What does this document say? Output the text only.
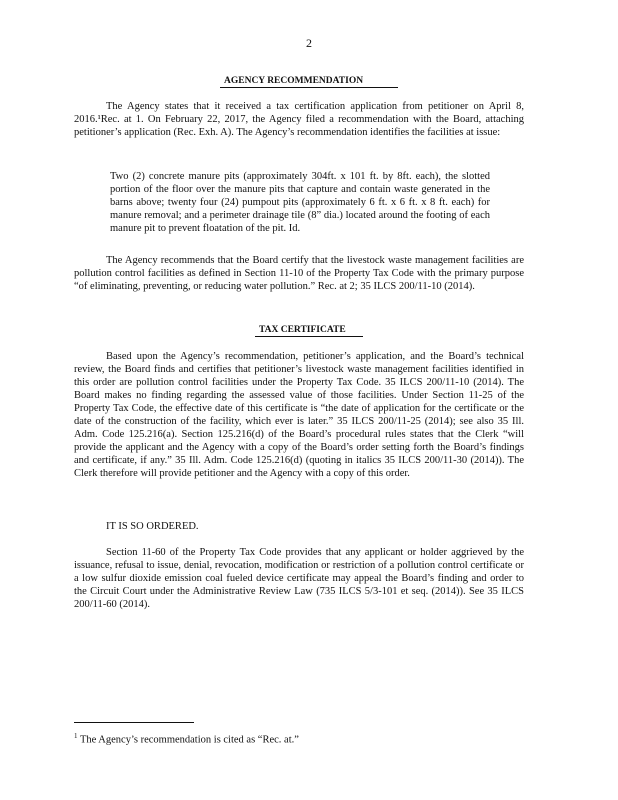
2
AGENCY RECOMMENDATION
The Agency states that it received a tax certification application from petitioner on April 8, 2016.¹Rec. at 1. On February 22, 2017, the Agency filed a recommendation with the Board, attaching petitioner’s application (Rec. Exh. A). The Agency’s recommendation identifies the facilities at issue:
Two (2) concrete manure pits (approximately 304ft. x 101 ft. by 8ft. each), the slotted portion of the floor over the manure pits that capture and contain waste generated in the barns above; twenty four (24) pumpout pits (approximately 6 ft. x 6 ft. x 8 ft. each) for manure removal; and a perimeter drainage tile (8” dia.) located around the footing of each manure pit to prevent floatation of the pit. Id.
The Agency recommends that the Board certify that the livestock waste management facilities are pollution control facilities as defined in Section 11-10 of the Property Tax Code with the primary purpose “of eliminating, preventing, or reducing water pollution.” Rec. at 2; 35 ILCS 200/11-10 (2014).
TAX CERTIFICATE
Based upon the Agency’s recommendation, petitioner’s application, and the Board’s technical review, the Board finds and certifies that petitioner’s livestock waste management facilities identified in this order are pollution control facilities under the Property Tax Code. 35 ILCS 200/11-10 (2014). The Board makes no finding regarding the assessed value of those facilities. Under Section 11-25 of the Property Tax Code, the effective date of this certificate is “the date of application for the certificate or the date of the construction of the facility, which ever is later.” 35 ILCS 200/11-25 (2014); see also 35 Ill. Adm. Code 125.216(a). Section 125.216(d) of the Board’s procedural rules states that the Clerk “will provide the applicant and the Agency with a copy of the Board’s order setting forth the Board’s findings and certificate, if any.” 35 Ill. Adm. Code 125.216(d) (quoting in italics 35 ILCS 200/11-30 (2014)). The Clerk therefore will provide petitioner and the Agency with a copy of this order.
IT IS SO ORDERED.
Section 11-60 of the Property Tax Code provides that any applicant or holder aggrieved by the issuance, refusal to issue, denial, revocation, modification or restriction of a pollution control certificate or a low sulfur dioxide emission coal fueled device certificate may appeal the Board’s finding and order to the Circuit Court under the Administrative Review Law (735 ILCS 5/3-101 et seq. (2014)). See 35 ILCS 200/11-60 (2014).
$^1$ The Agency’s recommendation is cited as “Rec. at.”
